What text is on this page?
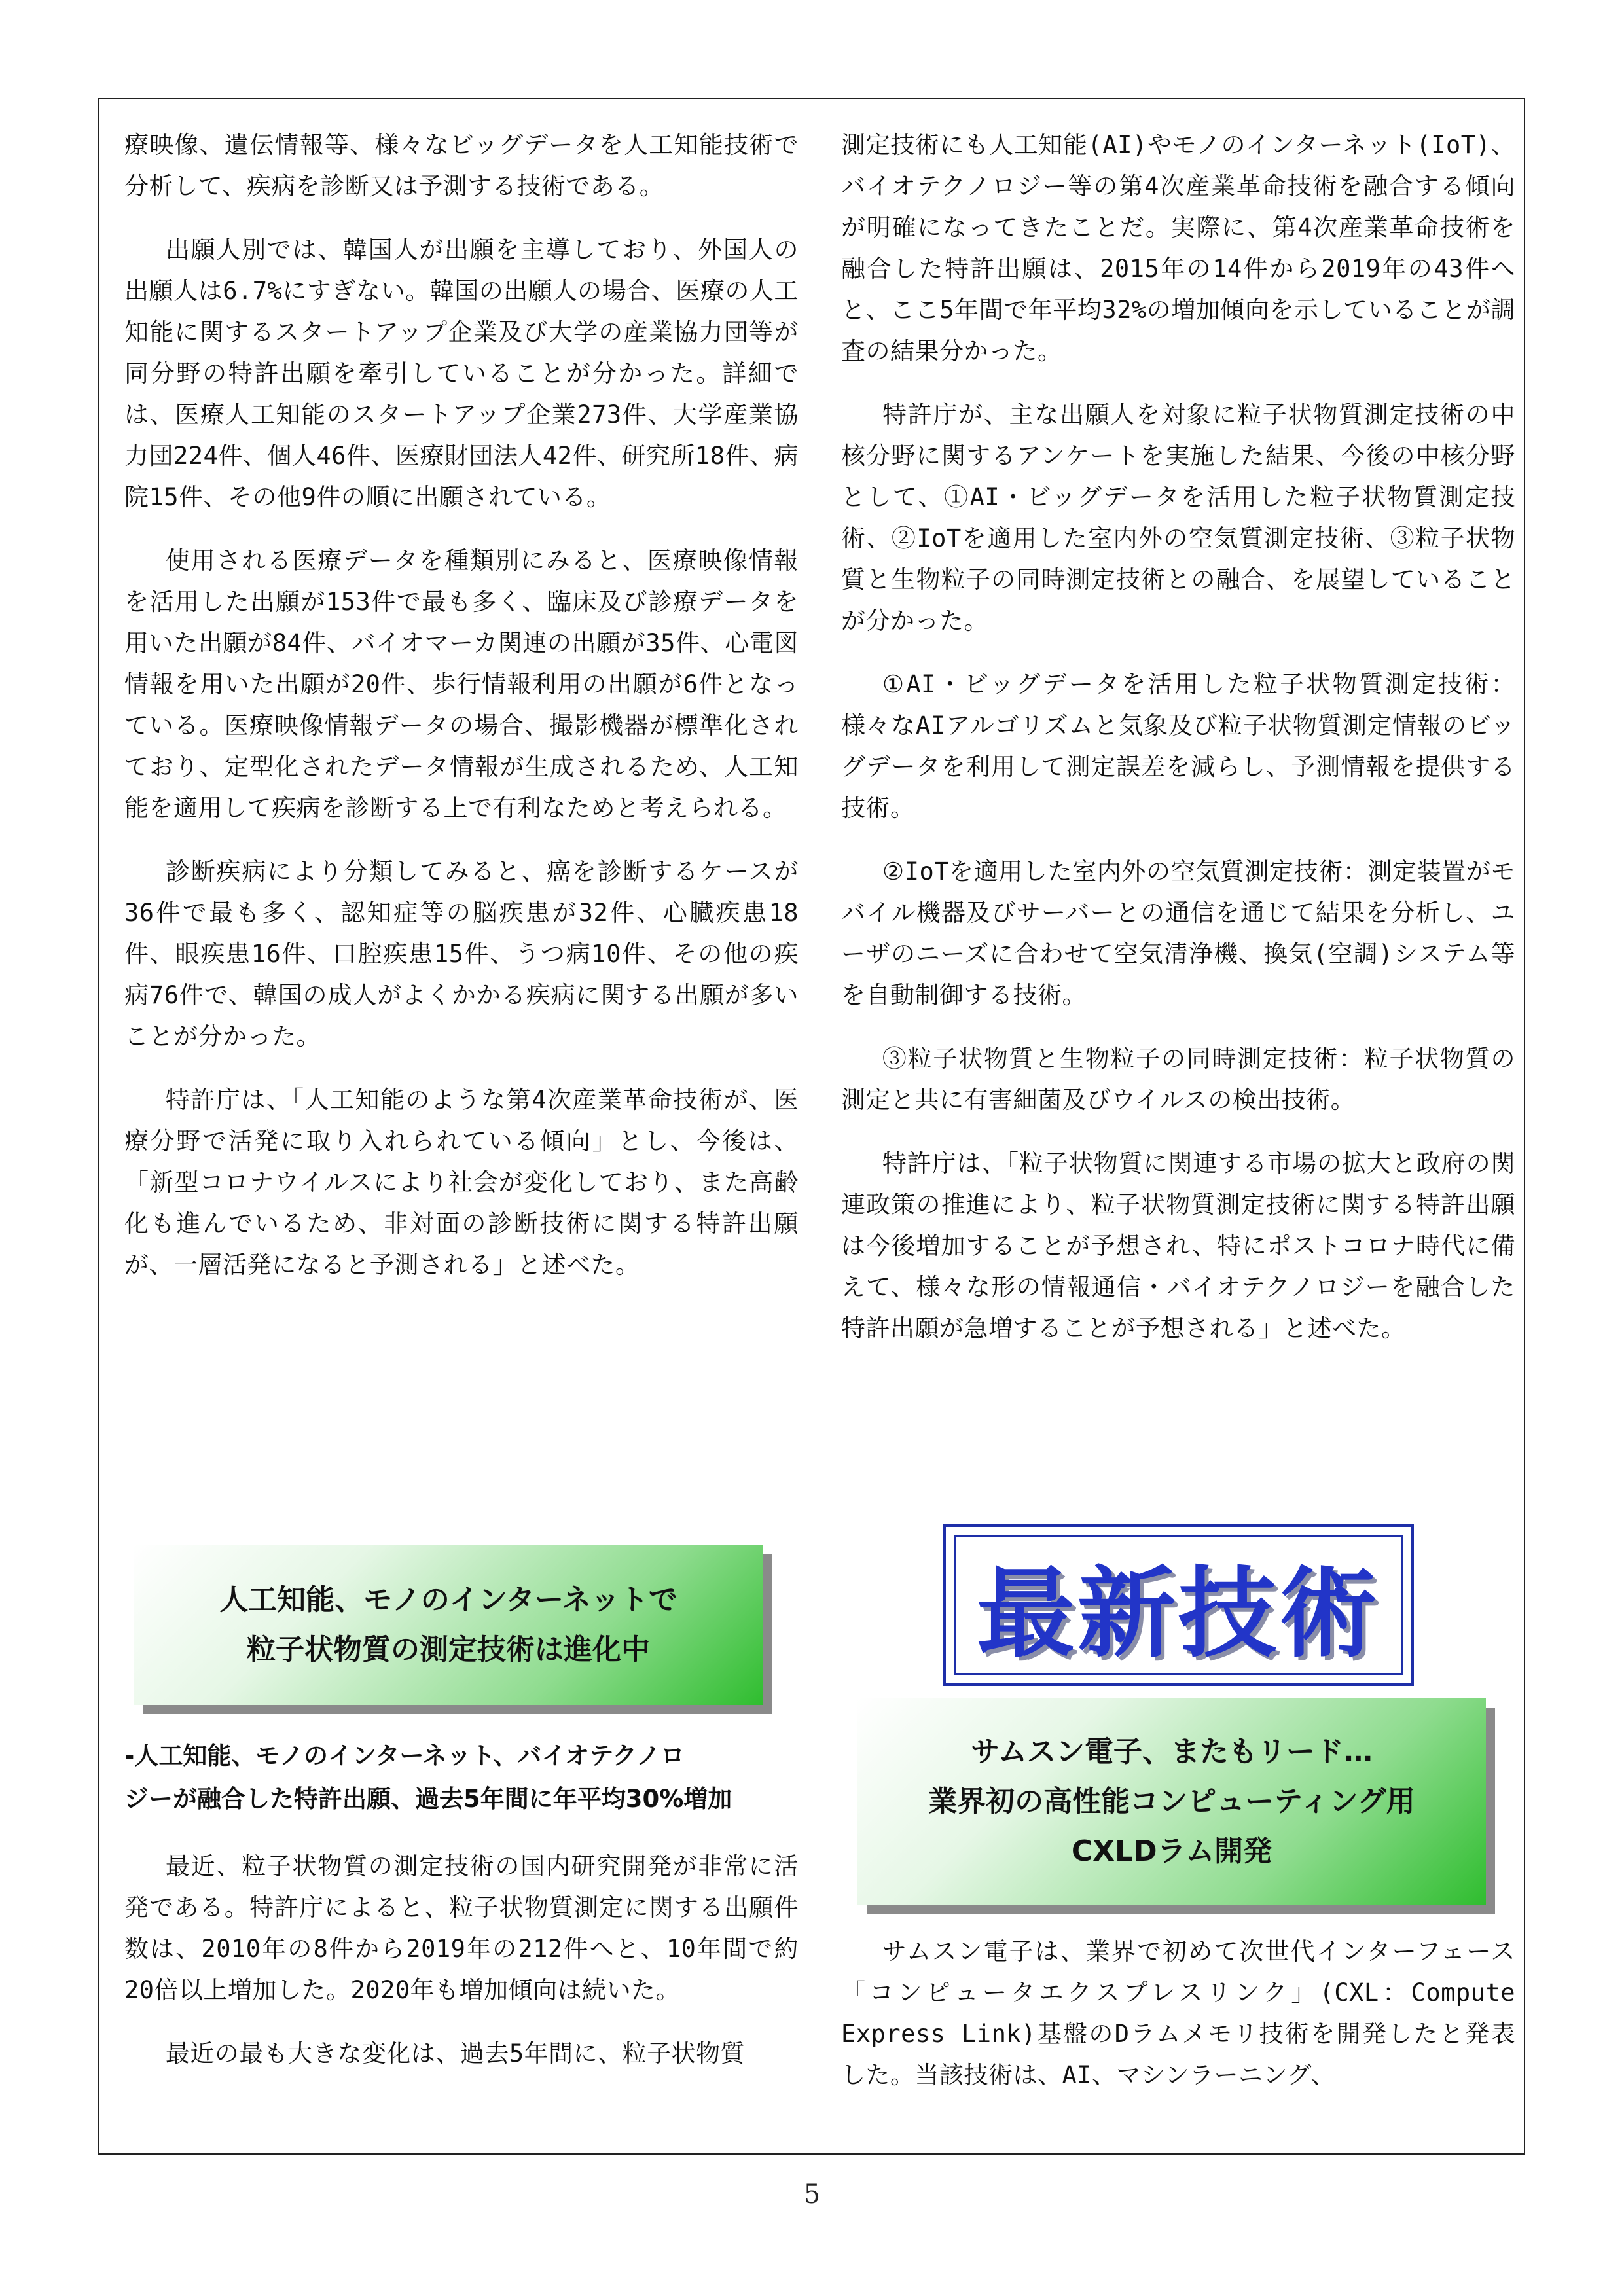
療映像、遺伝情報等、様々なビッグデータを人工知能技術で分析して、疾病を診断又は予測する技術である。

出願人別では、韓国人が出願を主導しており、外国人の出願人は6.7%にすぎない。韓国の出願人の場合、医療の人工知能に関するスタートアップ企業及び大学の産業協力団等が同分野の特許出願を牽引していることが分かった。詳細では、医療人工知能のスタートアップ企業273件、大学産業協力団224件、個人46件、医療財団法人42件、研究所18件、病院15件、その他9件の順に出願されている。

使用される医療データを種類別にみると、医療映像情報を活用した出願が153件で最も多く、臨床及び診療データを用いた出願が84件、バイオマーカ関連の出願が35件、心電図情報を用いた出願が20件、歩行情報利用の出願が6件となっている。医療映像情報データの場合、撮影機器が標準化されており、定型化されたデータ情報が生成されるため、人工知能を適用して疾病を診断する上で有利なためと考えられる。

診断疾病により分類してみると、癌を診断するケースが36件で最も多く、認知症等の脳疾患が32件、心臓疾患18件、眼疾患16件、口腔疾患15件、うつ病10件、その他の疾病76件で、韓国の成人がよくかかる疾病に関する出願が多いことが分かった。

特許庁は、「人工知能のような第4次産業革命技術が、医療分野で活発に取り入れられている傾向」とし、今後は、「新型コロナウイルスにより社会が変化しており、また高齢化も進んでいるため、非対面の診断技術に関する特許出願が、一層活発になると予測される」と述べた。

測定技術にも人工知能(AI)やモノのインターネット(IoT)、バイオテクノロジー等の第4次産業革命技術を融合する傾向が明確になってきたことだ。実際に、第4次産業革命技術を融合した特許出願は、2015年の14件から2019年の43件へと、ここ5年間で年平均32%の増加傾向を示していることが調査の結果分かった。

特許庁が、主な出願人を対象に粒子状物質測定技術の中核分野に関するアンケートを実施した結果、今後の中核分野として、①AI・ビッグデータを活用した粒子状物質測定技術、②IoTを適用した室内外の空気質測定技術、③粒子状物質と生物粒子の同時測定技術との融合、を展望していることが分かった。

①AI・ビッグデータを活用した粒子状物質測定技術：様々なAIアルゴリズムと気象及び粒子状物質測定情報のビッグデータを利用して測定誤差を減らし、予測情報を提供する技術。

②IoTを適用した室内外の空気質測定技術：測定装置がモバイル機器及びサーバーとの通信を通じて結果を分析し、ユーザのニーズに合わせて空気清浄機、換気(空調)システム等を自動制御する技術。

③粒子状物質と生物粒子の同時測定技術：粒子状物質の測定と共に有害細菌及びウイルスの検出技術。

特許庁は、「粒子状物質に関連する市場の拡大と政府の関連政策の推進により、粒子状物質測定技術に関する特許出願は今後増加することが予想され、特にポストコロナ時代に備えて、様々な形の情報通信・バイオテクノロジーを融合した特許出願が急増することが予想される」と述べた。

人工知能、モノのインターネットで
粒子状物質の測定技術は進化中
-人工知能、モノのインターネット、バイオテクノロ
ジーが融合した特許出願、過去5年間に年平均30%増加

最近、粒子状物質の測定技術の国内研究開発が非常に活発である。特許庁によると、粒子状物質測定に関する出願件数は、2010年の8件から2019年の212件へと、10年間で約20倍以上増加した。2020年も増加傾向は続いた。

最近の最も大きな変化は、過去5年間に、粒子状物質

最新技術
サムスン電子、またもリード…
業界初の高性能コンピューティング用
CXLDラム開発

サムスン電子は、業界で初めて次世代インターフェース「コンピュータエクスプレスリンク」(CXL：Compute Express Link)基盤のDラムメモリ技術を開発したと発表した。当該技術は、AI、マシンラーニング、

5
